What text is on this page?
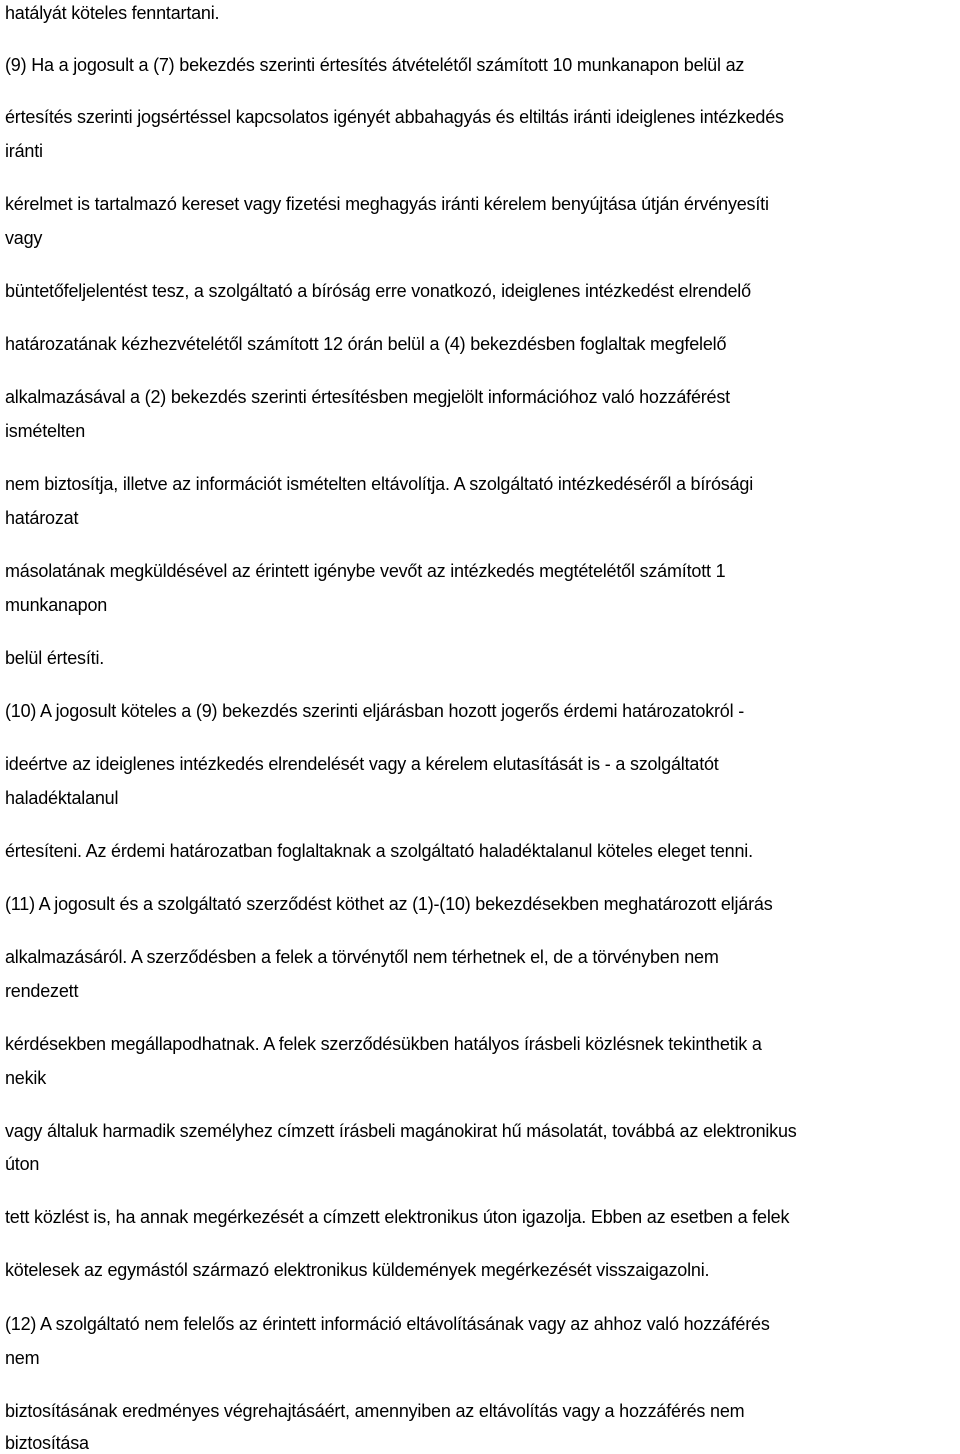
hatályát köteles fenntartani.
(9) Ha a jogosult a (7) bekezdés szerinti értesítés átvételétől számított 10 munkanapon belül az
értesítés szerinti jogsértéssel kapcsolatos igényét abbahagyás és eltiltás iránti ideiglenes intézkedés
iránti
kérelmet is tartalmazó kereset vagy fizetési meghagyás iránti kérelem benyújtása útján érvényesíti
vagy
büntetőfeljelentést tesz, a szolgáltató a bíróság erre vonatkozó, ideiglenes intézkedést elrendelő
határozatának kézhezvételétől számított 12 órán belül a (4) bekezdésben foglaltak megfelelő
alkalmazásával a (2) bekezdés szerinti értesítésben megjelölt információhoz való hozzáférést
ismételten
nem biztosítja, illetve az információt ismételten eltávolítja. A szolgáltató intézkedéséről a bírósági
határozat
másolatának megküldésével az érintett igénybe vevőt az intézkedés megtételétől számított 1
munkanapon
belül értesíti.
(10) A jogosult köteles a (9) bekezdés szerinti eljárásban hozott jogerős érdemi határozatokról -
ideértve az ideiglenes intézkedés elrendelését vagy a kérelem elutasítását is - a szolgáltatót
haladéktalanul
értesíteni. Az érdemi határozatban foglaltaknak a szolgáltató haladéktalanul köteles eleget tenni.
(11) A jogosult és a szolgáltató szerződést köthet az (1)-(10) bekezdésekben meghatározott eljárás
alkalmazásáról. A szerződésben a felek a törvénytől nem térhetnek el, de a törvényben nem
rendezett
kérdésekben megállapodhatnak. A felek szerződésükben hatályos írásbeli közlésnek tekinthetik a
nekik
vagy általuk harmadik személyhez címzett írásbeli magánokirat hű másolatát, továbbá az elektronikus
úton
tett közlést is, ha annak megérkezését a címzett elektronikus úton igazolja. Ebben az esetben a felek
kötelesek az egymástól származó elektronikus küldemények megérkezését visszaigazolni.
(12) A szolgáltató nem felelős az érintett információ eltávolításának vagy az ahhoz való hozzáférés
nem
biztosításának eredményes végrehajtásáért, amennyiben az eltávolítás vagy a hozzáférés nem
biztosítása
